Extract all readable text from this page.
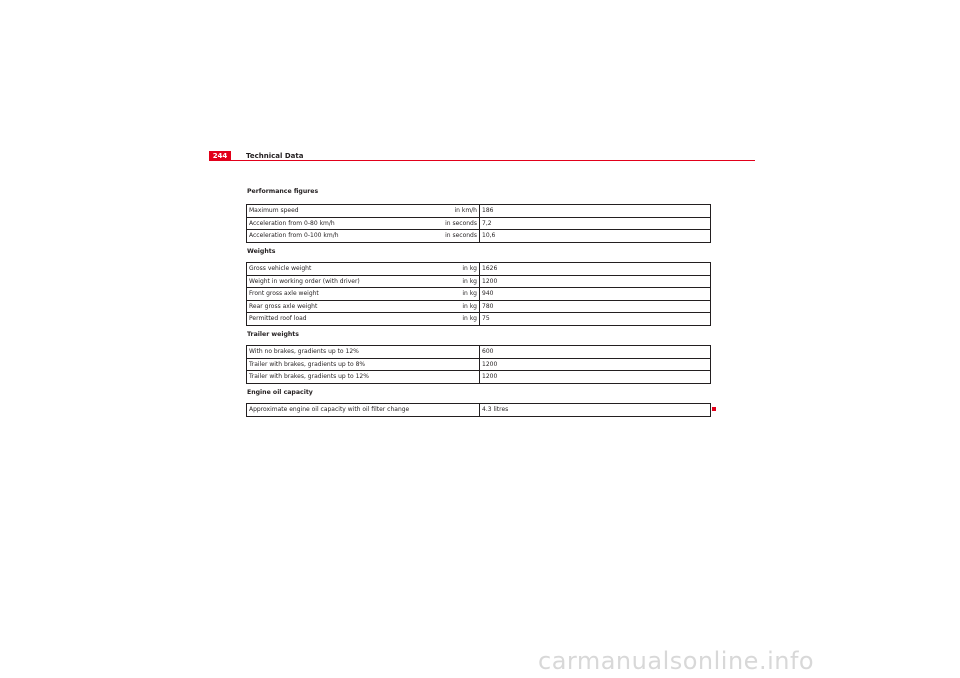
244	Technical Data
Performance figures
Maximum speed in km/h	186
Acceleration from 0-80 km/h in seconds	7,2
Acceleration from 0-100 km/h in seconds	10,6
Weights
Gross vehicle weight in kg	1626
Weight in working order (with driver) in kg	1200
Front gross axle weight in kg	940
Rear gross axle weight in kg	780
Permitted roof load in kg	75
Trailer weights
With no brakes, gradients up to 12%	600
Trailer with brakes, gradients up to 8%	1200
Trailer with brakes, gradients up to 12%	1200
Engine oil capacity
Approximate engine oil capacity with oil filter change	4.3 litres
carmanualsonline.info
